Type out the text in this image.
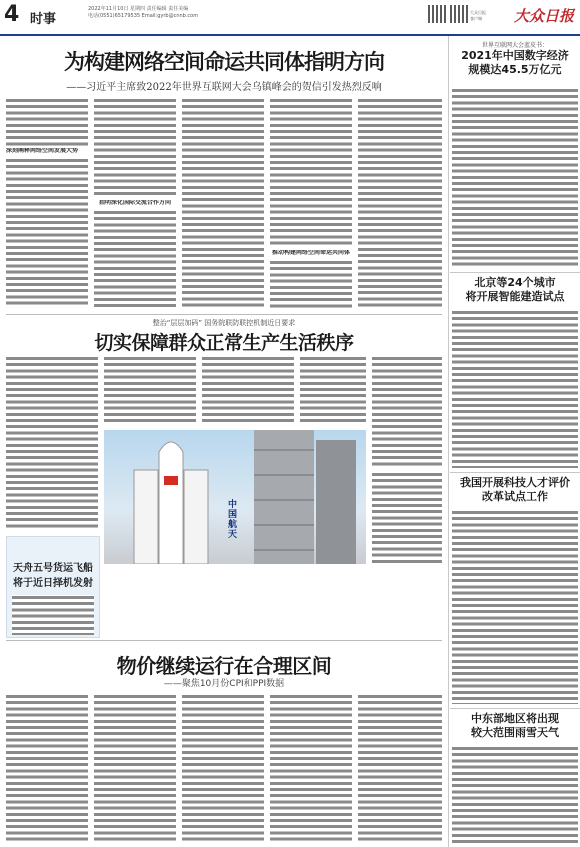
4 时事
2022年11月10日 星期四 责任编辑 责任美编
电话(0551)65179535 Email:gyrb@cnnb.com
大众日报客户端	大众日报
为构建网络空间命运共同体指明方向
——习近平主席致2022年世界互联网大会乌镇峰会的贺信引发热烈反响
深刻阐释网络空间发展大势
指明深化国际交流合作方向
推动构建网络空间命运共同体
整治“层层加码” 国务院联防联控机制近日要求
切实保障群众正常生产生活秩序
中国航天
天舟五号货运飞船
将于近日择机发射
物价继续运行在合理区间
——聚焦10月份CPI和PPI数据
世界互联网大会蓝皮书：
2021年中国数字经济
规模达45.5万亿元
北京等24个城市
将开展智能建造试点
我国开展科技人才评价
改革试点工作
中东部地区将出现
较大范围雨雪天气
